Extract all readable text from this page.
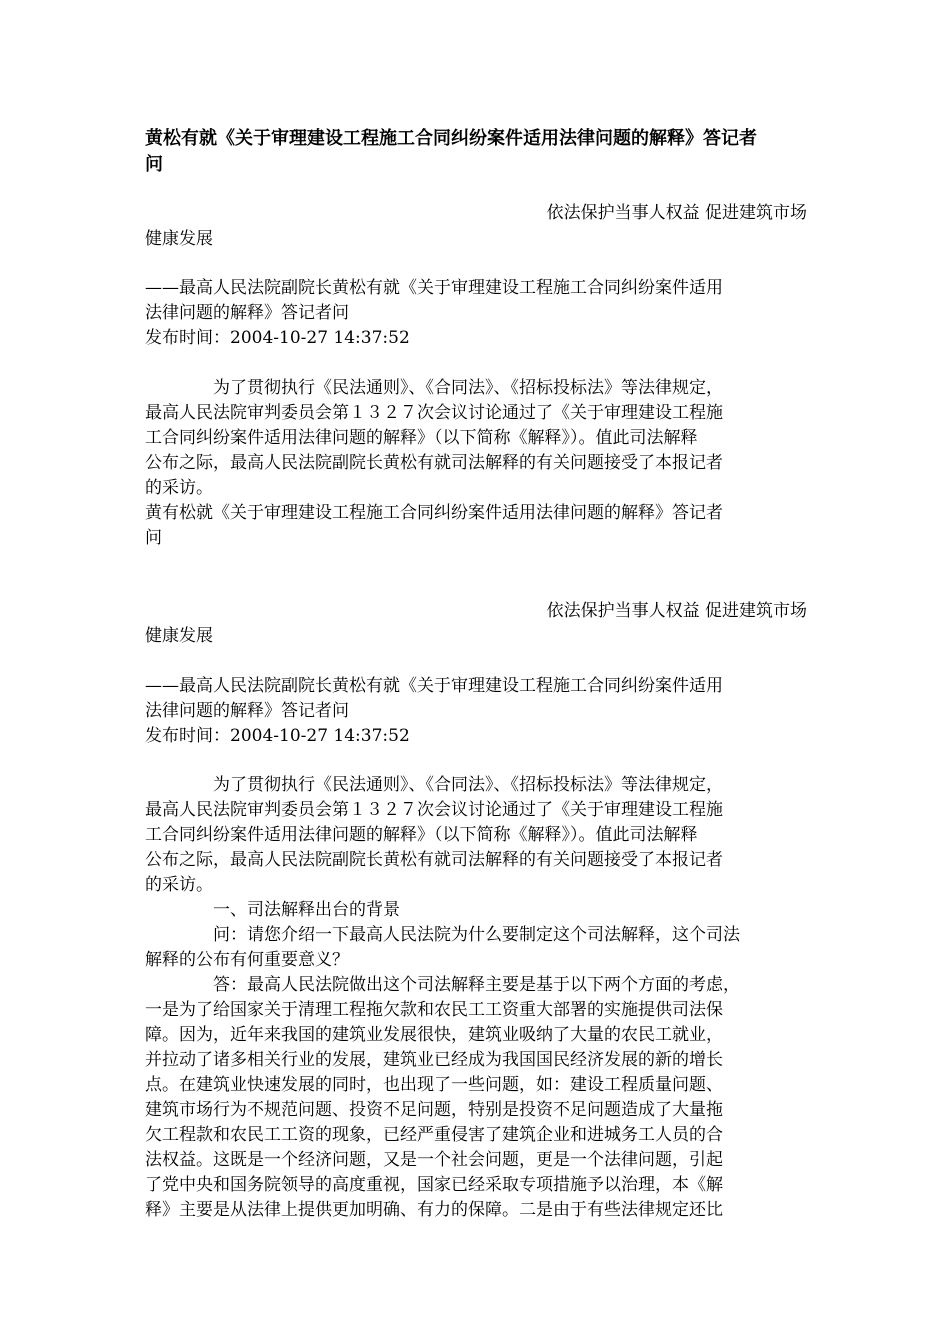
黄松有就《关于审理建设工程施工合同纠纷案件适用法律问题的解释》答记者
问

依法保护当事人权益 促进建筑市场

健康发展

——最高人民法院副院长黄松有就《关于审理建设工程施工合同纠纷案件适用
法律问题的解释》答记者问

发布时间：2004-10-27 14:37:52

为了贯彻执行《民法通则》、《合同法》、《招标投标法》等法律规定，
最高人民法院审判委员会第１３２７次会议讨论通过了《关于审理建设工程施
工合同纠纷案件适用法律问题的解释》（以下简称《解释》）。值此司法解释
公布之际，最高人民法院副院长黄松有就司法解释的有关问题接受了本报记者
的采访。
黄有松就《关于审理建设工程施工合同纠纷案件适用法律问题的解释》答记者
问

依法保护当事人权益 促进建筑市场

健康发展

——最高人民法院副院长黄松有就《关于审理建设工程施工合同纠纷案件适用
法律问题的解释》答记者问

发布时间：2004-10-27 14:37:52

为了贯彻执行《民法通则》、《合同法》、《招标投标法》等法律规定，
最高人民法院审判委员会第１３２７次会议讨论通过了《关于审理建设工程施
工合同纠纷案件适用法律问题的解释》（以下简称《解释》）。值此司法解释
公布之际，最高人民法院副院长黄松有就司法解释的有关问题接受了本报记者
的采访。

一、司法解释出台的背景

问：请您介绍一下最高人民法院为什么要制定这个司法解释，这个司法
解释的公布有何重要意义？
答：最高人民法院做出这个司法解释主要是基于以下两个方面的考虑，
一是为了给国家关于清理工程拖欠款和农民工工资重大部署的实施提供司法保
障。因为，近年来我国的建筑业发展很快，建筑业吸纳了大量的农民工就业，
并拉动了诸多相关行业的发展，建筑业已经成为我国国民经济发展的新的增长
点。在建筑业快速发展的同时，也出现了一些问题，如：建设工程质量问题、
建筑市场行为不规范问题、投资不足问题，特别是投资不足问题造成了大量拖
欠工程款和农民工工资的现象，已经严重侵害了建筑企业和进城务工人员的合
法权益。这既是一个经济问题，又是一个社会问题，更是一个法律问题，引起
了党中央和国务院领导的高度重视，国家已经采取专项措施予以治理，本《解
释》主要是从法律上提供更加明确、有力的保障。二是由于有些法律规定还比
